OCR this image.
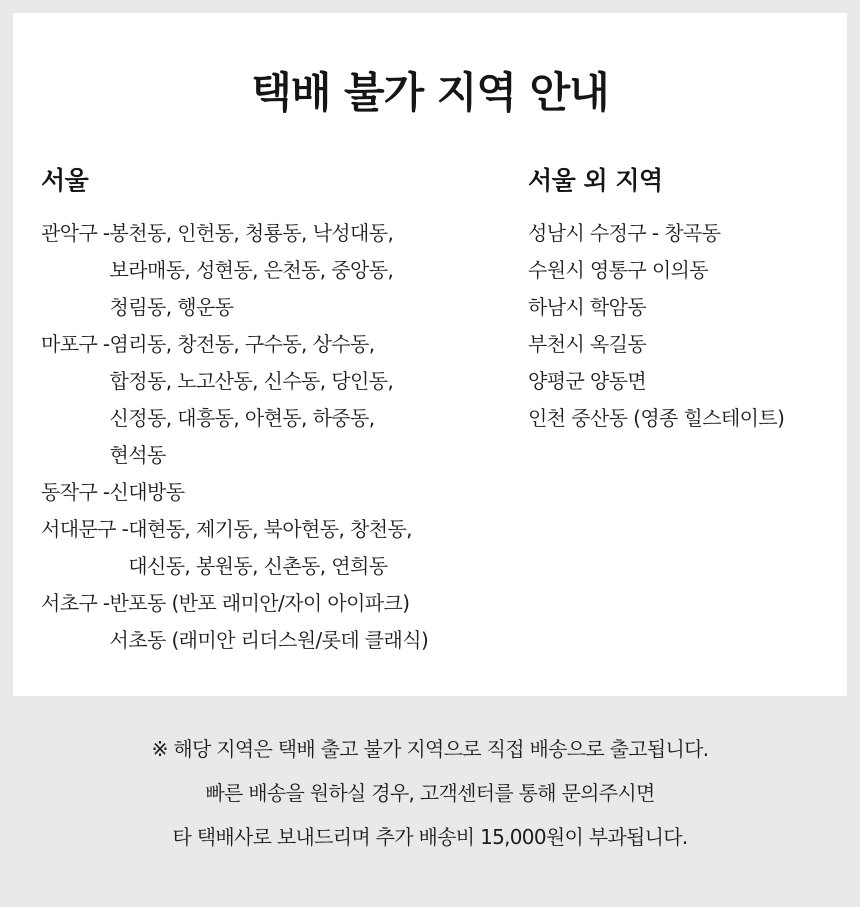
택배 불가 지역 안내
서울
관악구 - 봉천동, 인헌동, 청룡동, 낙성대동,
보라매동, 성현동, 은천동, 중앙동,
청림동, 행운동
마포구 - 염리동, 창전동, 구수동, 상수동,
합정동, 노고산동, 신수동, 당인동,
신정동, 대흥동, 아현동, 하중동,
현석동
동작구 - 신대방동
서대문구 - 대현동, 제기동, 북아현동, 창천동,
대신동, 봉원동, 신촌동, 연희동
서초구 - 반포동 (반포 래미안/자이 아이파크)
서초동 (래미안 리더스원/롯데 클래식)
서울 외 지역
성남시 수정구 - 창곡동
수원시 영통구 이의동
하남시 학암동
부천시 옥길동
양평군 양동면
인천 중산동 (영종 힐스테이트)
※ 해당 지역은 택배 출고 불가 지역으로 직접 배송으로 출고됩니다.
빠른 배송을 원하실 경우, 고객센터를 통해 문의주시면
타 택배사로 보내드리며 추가 배송비 15,000원이 부과됩니다.
